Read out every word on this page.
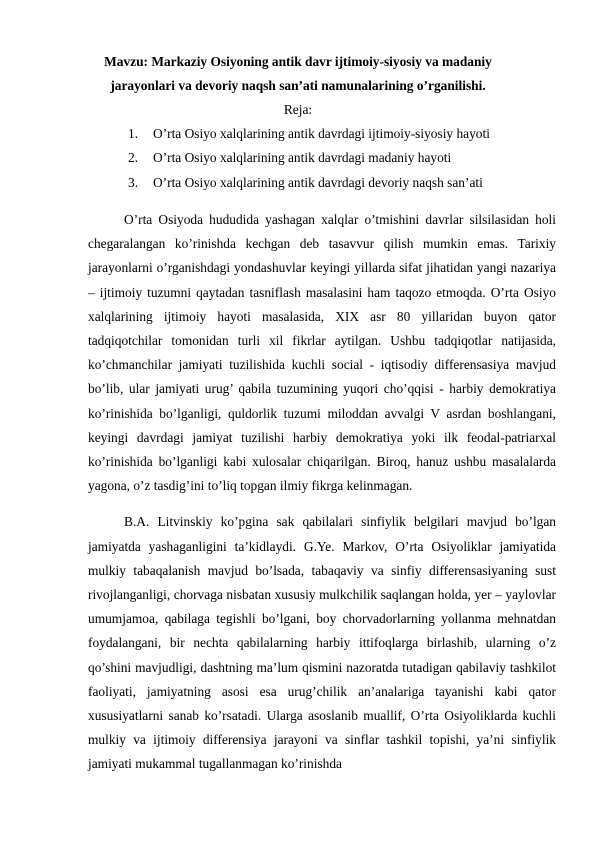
Mavzu: Markaziy Osiyoning antik davr ijtimoiy-siyosiy va madaniy
jarayonlari va devoriy naqsh san’ati namunalarining o’rganilishi.
Reja:
1.	O’rta Osiyo xalqlarining antik davrdagi ijtimoiy-siyosiy hayoti
2.	O’rta Osiyo xalqlarining antik davrdagi madaniy hayoti
3.	O’rta Osiyo xalqlarining antik davrdagi devoriy naqsh san’ati

O’rta Osiyoda hududida yashagan xalqlar o’tmishini davrlar silsilasidan holi chegaralangan ko’rinishda kechgan deb tasavvur qilish mumkin emas. Tarixiy jarayonlarni o’rganishdagi yondashuvlar keyingi yillarda sifat jihatidan yangi nazariya – ijtimoiy tuzumni qaytadan tasniflash masalasini ham taqozo etmoqda. O’rta Osiyo xalqlarining ijtimoiy hayoti masalasida, XIX asr 80 yillaridan buyon qator tadqiqotchilar tomonidan turli xil fikrlar aytilgan. Ushbu tadqiqotlar natijasida, ko’chmanchilar jamiyati tuzilishida kuchli social - iqtisodiy differensasiya mavjud bo’lib, ular jamiyati urug’ qabila tuzumining yuqori cho’qqisi - harbiy demokratiya ko’rinishida bo’lganligi, quldorlik tuzumi miloddan avvalgi V asrdan boshlangani, keyingi davrdagi jamiyat tuzilishi harbiy demokratiya yoki ilk feodal-patriarxal ko’rinishida bo’lganligi kabi xulosalar chiqarilgan. Biroq, hanuz ushbu masalalarda yagona, o’z tasdig’ini to’liq topgan ilmiy fikrga kelinmagan.

B.A. Litvinskiy ko’pgina sak qabilalari sinfiylik belgilari mavjud bo’lgan jamiyatda yashaganligini ta’kidlaydi. G.Ye. Markov, O’rta Osiyoliklar jamiyatida mulkiy tabaqalanish mavjud bo’lsada, tabaqaviy va sinfiy differensasiyaning sust rivojlanganligi, chorvaga nisbatan xususiy mulkchilik saqlangan holda, yer – yaylovlar umumjamoa, qabilaga tegishli bo’lgani, boy chorvadorlarning yollanma mehnatdan foydalangani, bir nechta qabilalarning harbiy ittifoqlarga birlashib, ularning o’z qo’shini mavjudligi, dashtning ma’lum qismini nazoratda tutadigan qabilaviy tashkilot faoliyati, jamiyatning asosi esa urug’chilik an’analariga tayanishi kabi qator xususiyatlarni sanab ko’rsatadi. Ularga asoslanib muallif, O’rta Osiyoliklarda kuchli mulkiy va ijtimoiy differensiya jarayoni va sinflar tashkil topishi, ya’ni sinfiylik jamiyati mukammal tugallanmagan ko’rinishda
